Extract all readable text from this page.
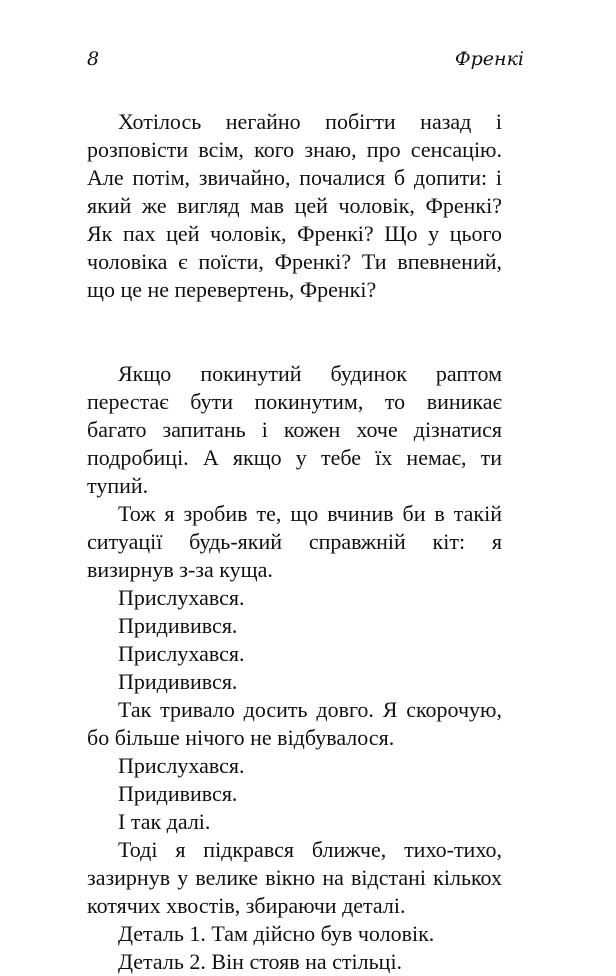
8	Френкі

Хотілось негайно побігти назад і розповісти всім, кого знаю, про сенсацію. Але потім, звичайно, почалися б допити: і який же вигляд мав цей чоловік, Френкі? Як пах цей чоловік, Френкі? Що у цього чоловіка є поїсти, Френкі? Ти впевнений, що це не перевертень, Френкі?

Якщо покинутий будинок раптом перестає бути покинутим, то виникає багато запитань і кожен хоче дізнатися подробиці. А якщо у тебе їх немає, ти тупий.

Тож я зробив те, що вчинив би в такій ситуації будь-який справжній кіт: я визирнув з-за куща.

Прислухався.

Придивився.

Прислухався.

Придивився.

Так тривало досить довго. Я скорочую, бо більше нічого не відбувалося.

Прислухався.

Придивився.

І так далі.

Тоді я підкрався ближче, тихо-тихо, зазирнув у велике вікно на відстані кількох котячих хвостів, збираючи деталі.

Деталь 1. Там дійсно був чоловік.

Деталь 2. Він стояв на стільці.
